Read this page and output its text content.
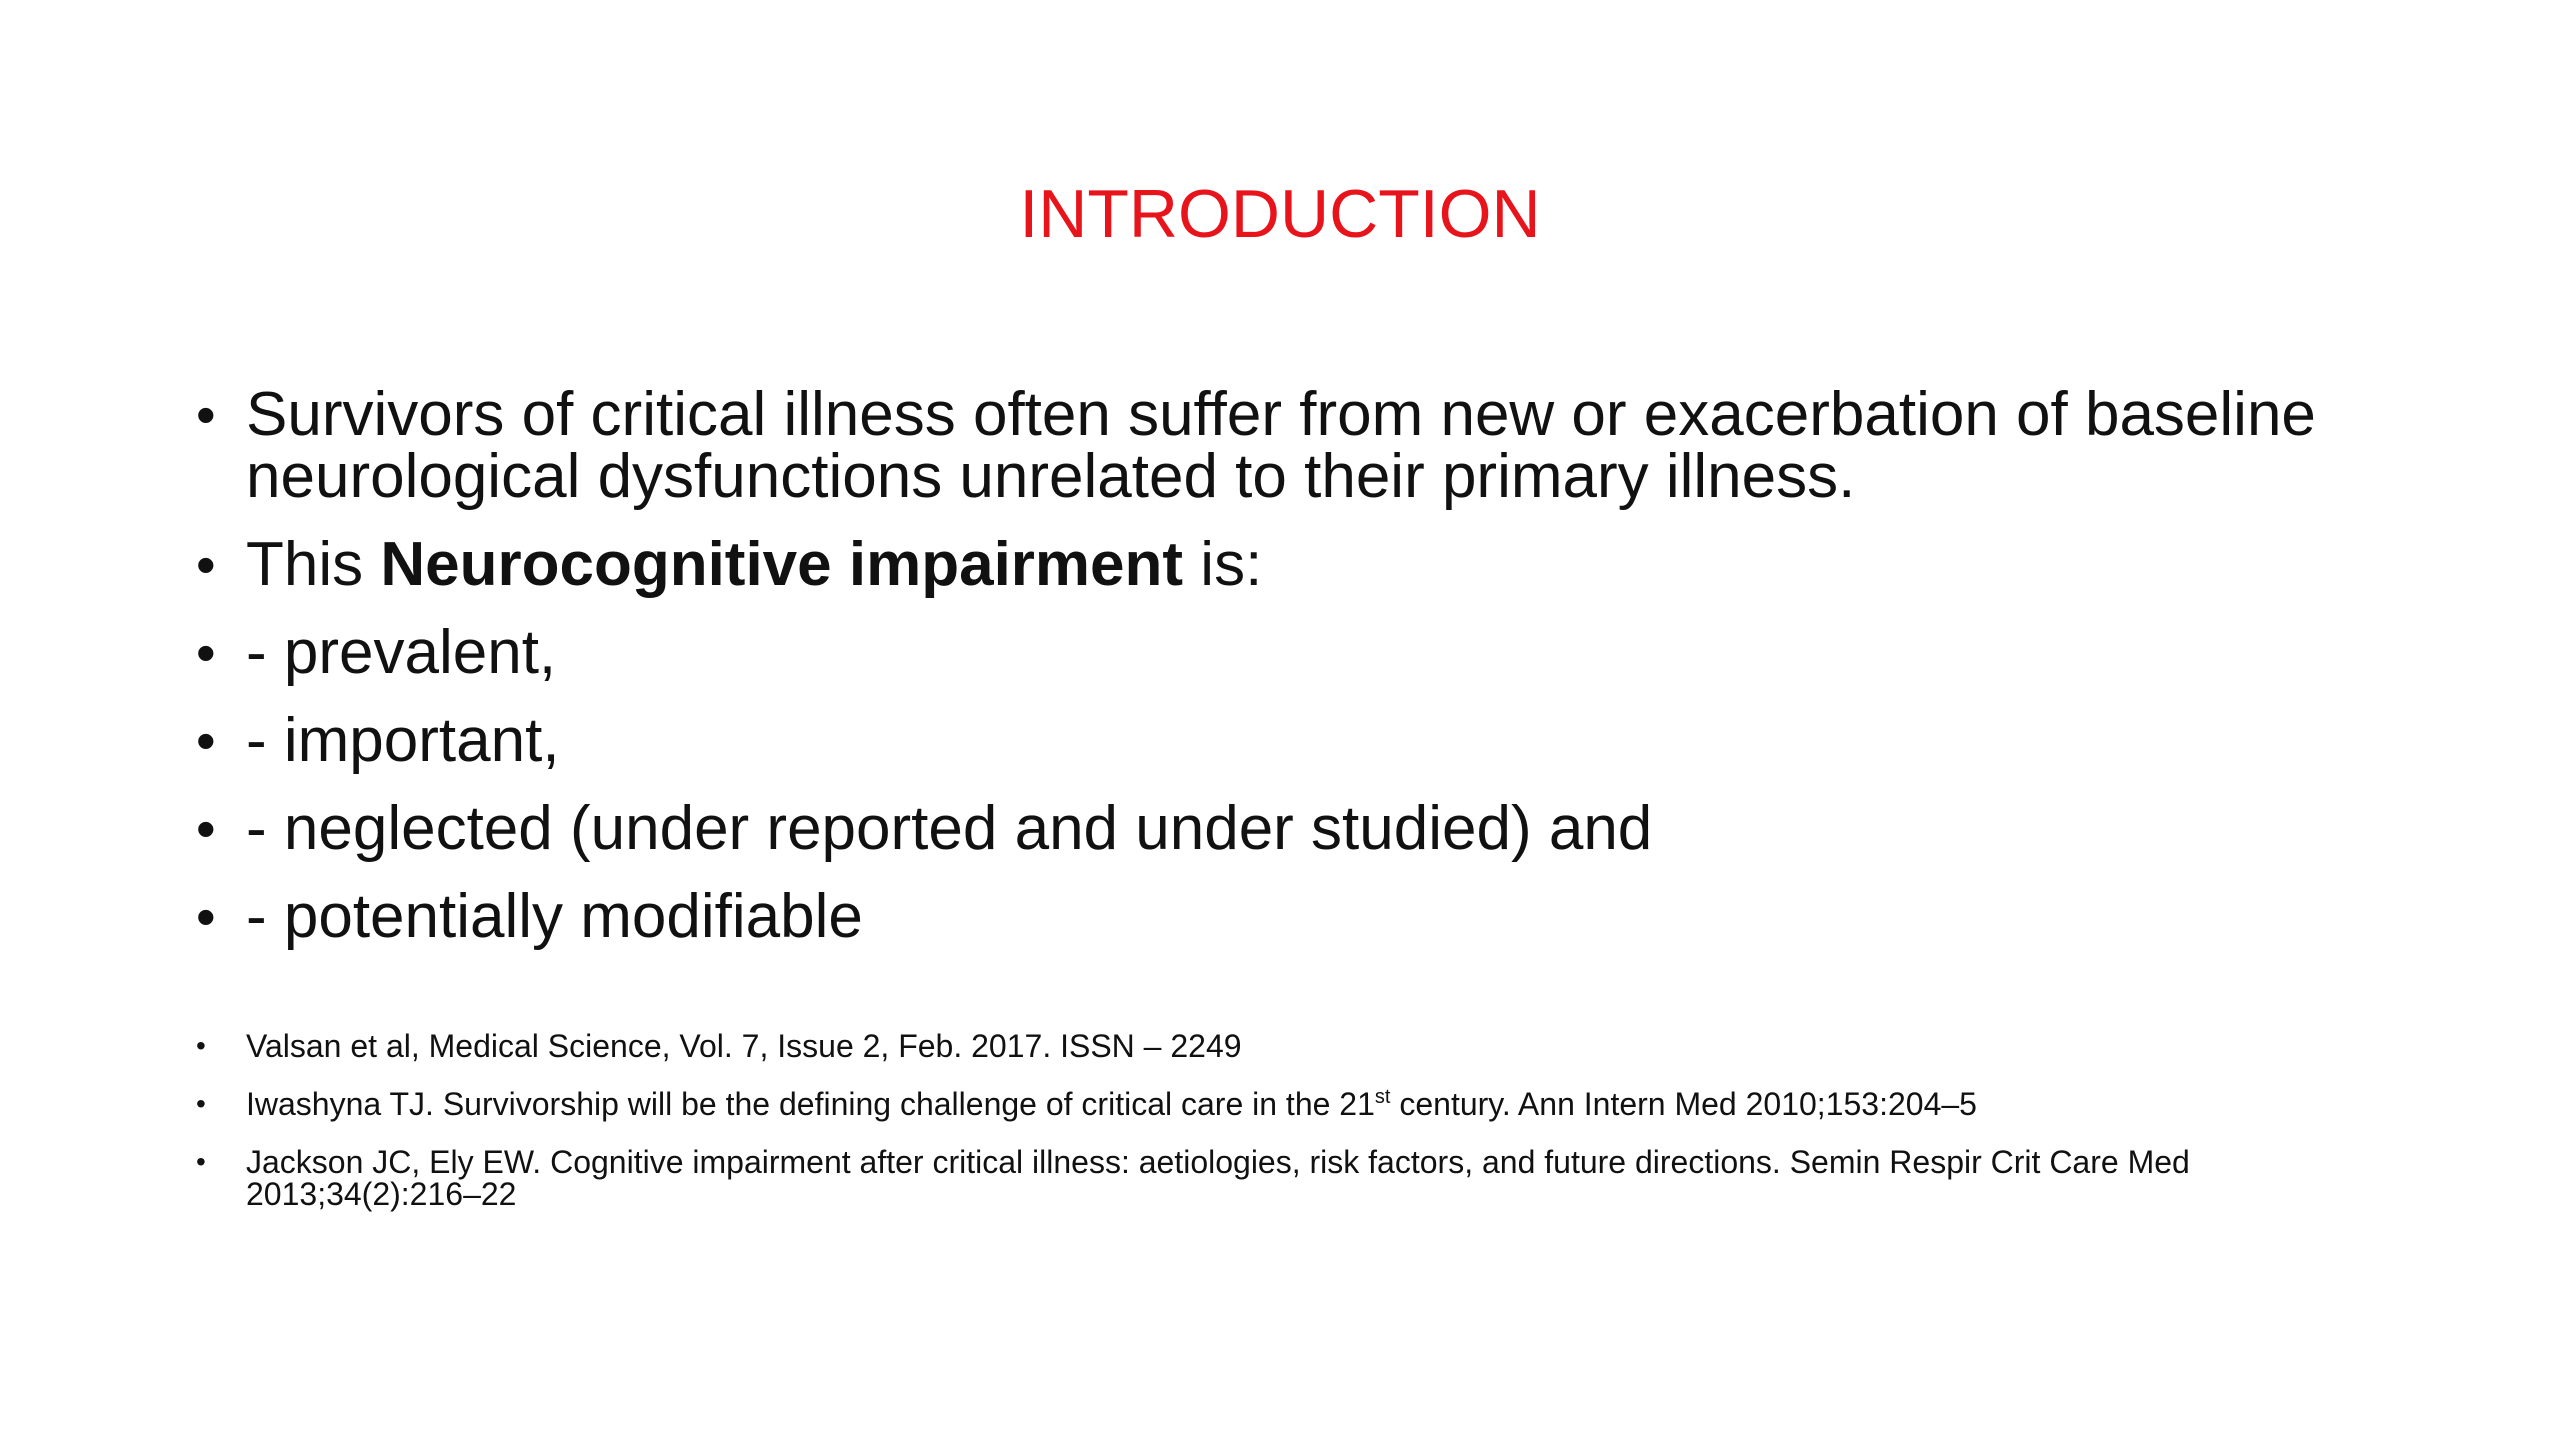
INTRODUCTION
• Survivors of critical illness often suffer from new or exacerbation of baseline neurological dysfunctions unrelated to their primary illness.
• This Neurocognitive impairment is:
• - prevalent,
• - important,
• - neglected (under reported and under studied) and
• - potentially modifiable
•	Valsan et al, Medical Science, Vol. 7, Issue 2, Feb. 2017. ISSN – 2249
•	Iwashyna TJ. Survivorship will be the defining challenge of critical care in the 21st century. Ann Intern Med 2010;153:204–5
•	Jackson JC, Ely EW. Cognitive impairment after critical illness: aetiologies, risk factors, and future directions. Semin Respir Crit Care Med 2013;34(2):216–22
